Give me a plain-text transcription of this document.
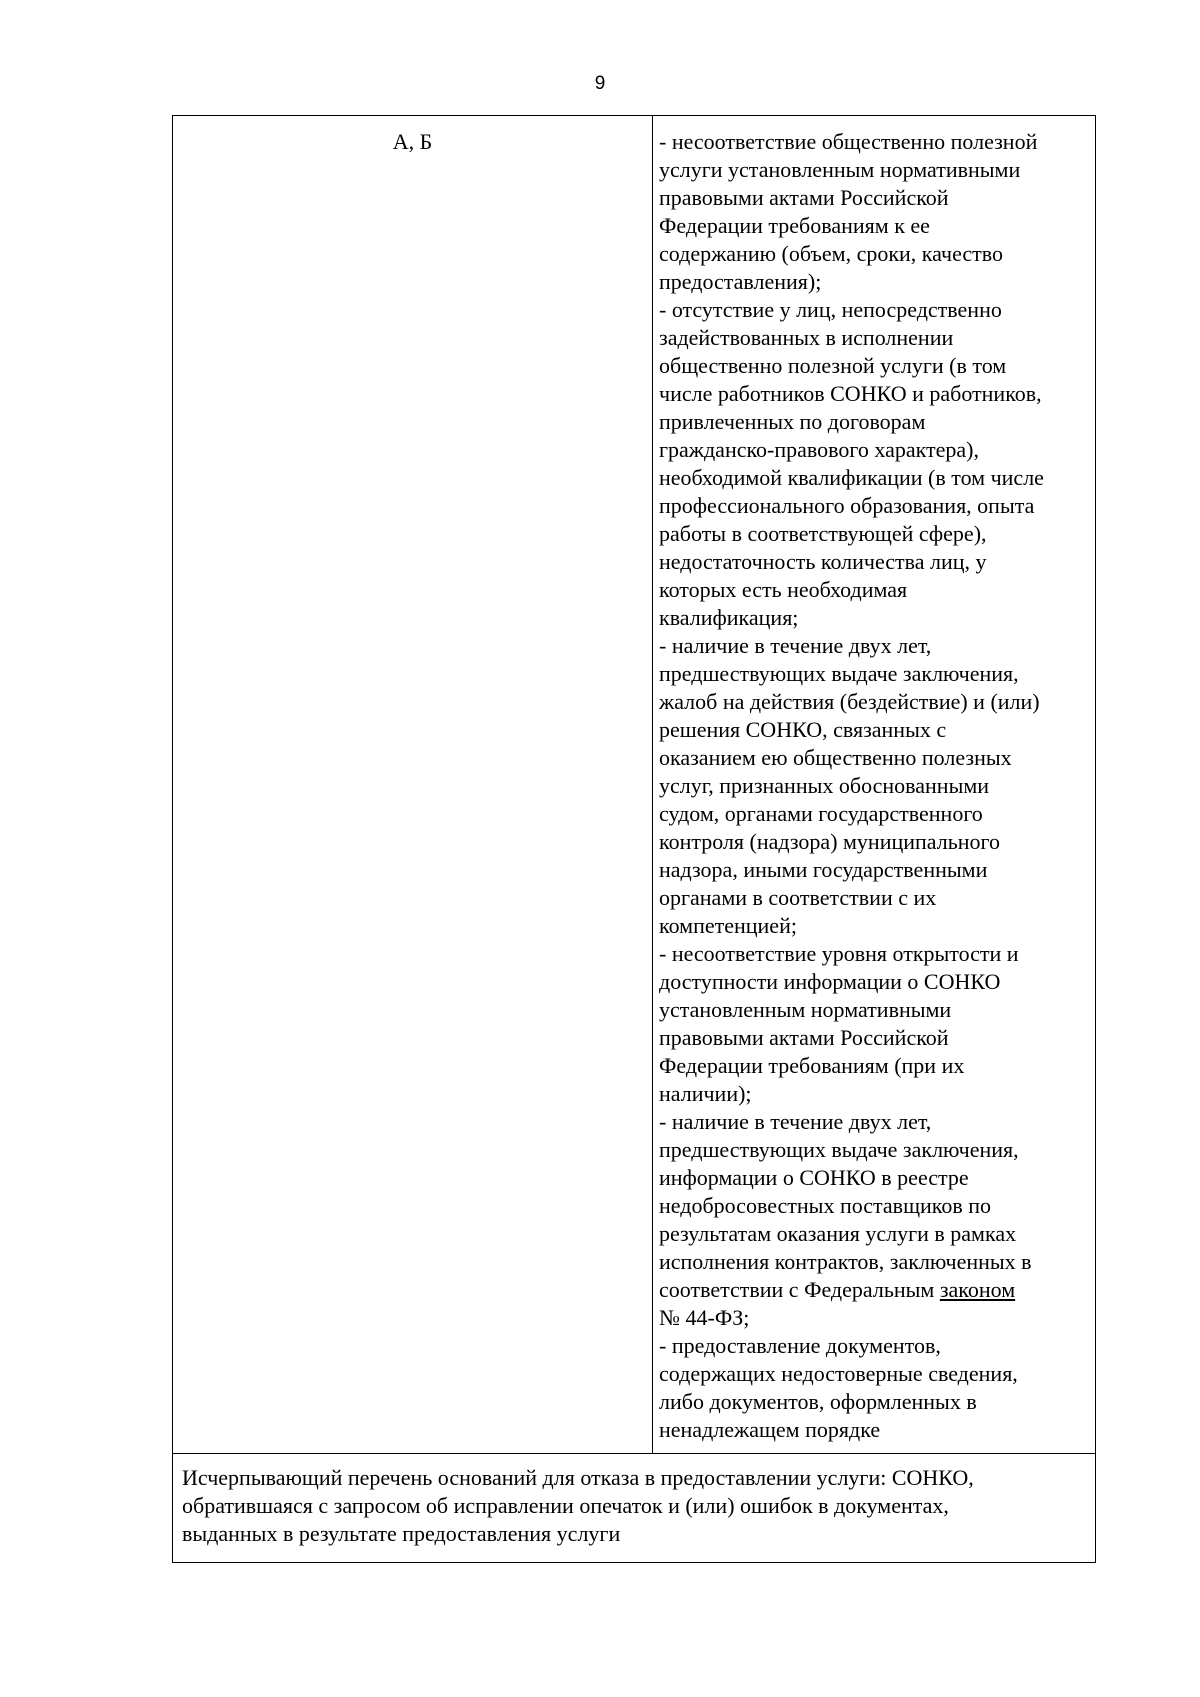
9
А, Б	- несоответствие общественно полезной
услуги установленным нормативными
правовыми актами Российской
Федерации требованиям к ее
содержанию (объем, сроки, качество
предоставления);
- отсутствие у лиц, непосредственно
задействованных в исполнении
общественно полезной услуги (в том
числе работников СОНКО и работников,
привлеченных по договорам
гражданско-правового характера),
необходимой квалификации (в том числе
профессионального образования, опыта
работы в соответствующей сфере),
недостаточность количества лиц, у
которых есть необходимая
квалификация;
- наличие в течение двух лет,
предшествующих выдаче заключения,
жалоб на действия (бездействие) и (или)
решения СОНКО, связанных с
оказанием ею общественно полезных
услуг, признанных обоснованными
судом, органами государственного
контроля (надзора) муниципального
надзора, иными государственными
органами в соответствии с их
компетенцией;
- несоответствие уровня открытости и
доступности информации о СОНКО
установленным нормативными
правовыми актами Российской
Федерации требованиям (при их
наличии);
- наличие в течение двух лет,
предшествующих выдаче заключения,
информации о СОНКО в реестре
недобросовестных поставщиков по
результатам оказания услуги в рамках
исполнения контрактов, заключенных в
соответствии с Федеральным законом
№ 44-ФЗ;
- предоставление документов,
содержащих недостоверные сведения,
либо документов, оформленных в
ненадлежащем порядке
Исчерпывающий перечень оснований для отказа в предоставлении услуги: СОНКО,
обратившаяся с запросом об исправлении опечаток и (или) ошибок в документах,
выданных в результате предоставления услуги
